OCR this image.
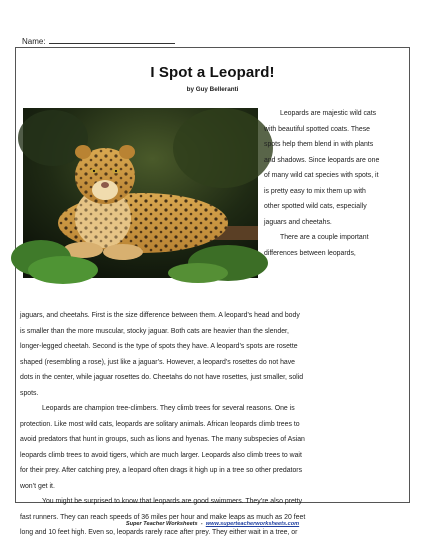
Name:
I Spot a Leopard!
by Guy Belleranti
Leopards are majestic wild cats
with beautiful spotted coats. These
spots help them blend in with plants
and shadows. Since leopards are one
of many wild cat species with spots, it
is pretty easy to mix them up with
other spotted wild cats, especially
jaguars and cheetahs.
There are a couple important
differences between leopards,
jaguars, and cheetahs. First is the size difference between them. A leopard’s head and body
is smaller than the more muscular, stocky jaguar. Both cats are heavier than the slender,
longer-legged cheetah. Second is the type of spots they have. A leopard’s spots are rosette
shaped (resembling a rose), just like a jaguar’s. However, a leopard’s rosettes do not have
dots in the center, while jaguar rosettes do. Cheetahs do not have rosettes, just smaller, solid
spots.
Leopards are champion tree-climbers. They climb trees for several reasons. One is
protection. Like most wild cats, leopards are solitary animals. African leopards climb trees to
avoid predators that hunt in groups, such as lions and hyenas. The many subspecies of Asian
leopards climb trees to avoid tigers, which are much larger. Leopards also climb trees to wait
for their prey. After catching prey, a leopard often drags it high up in a tree so other predators
won’t get it.
You might be surprised to know that leopards are good swimmers. They’re also pretty
fast runners. They can reach speeds of 36 miles per hour and make leaps as much as 20 feet
long and 10 feet high. Even so, leopards rarely race after prey. They either wait in a tree, or
Super Teacher Worksheets - www.superteacherworksheets.com
